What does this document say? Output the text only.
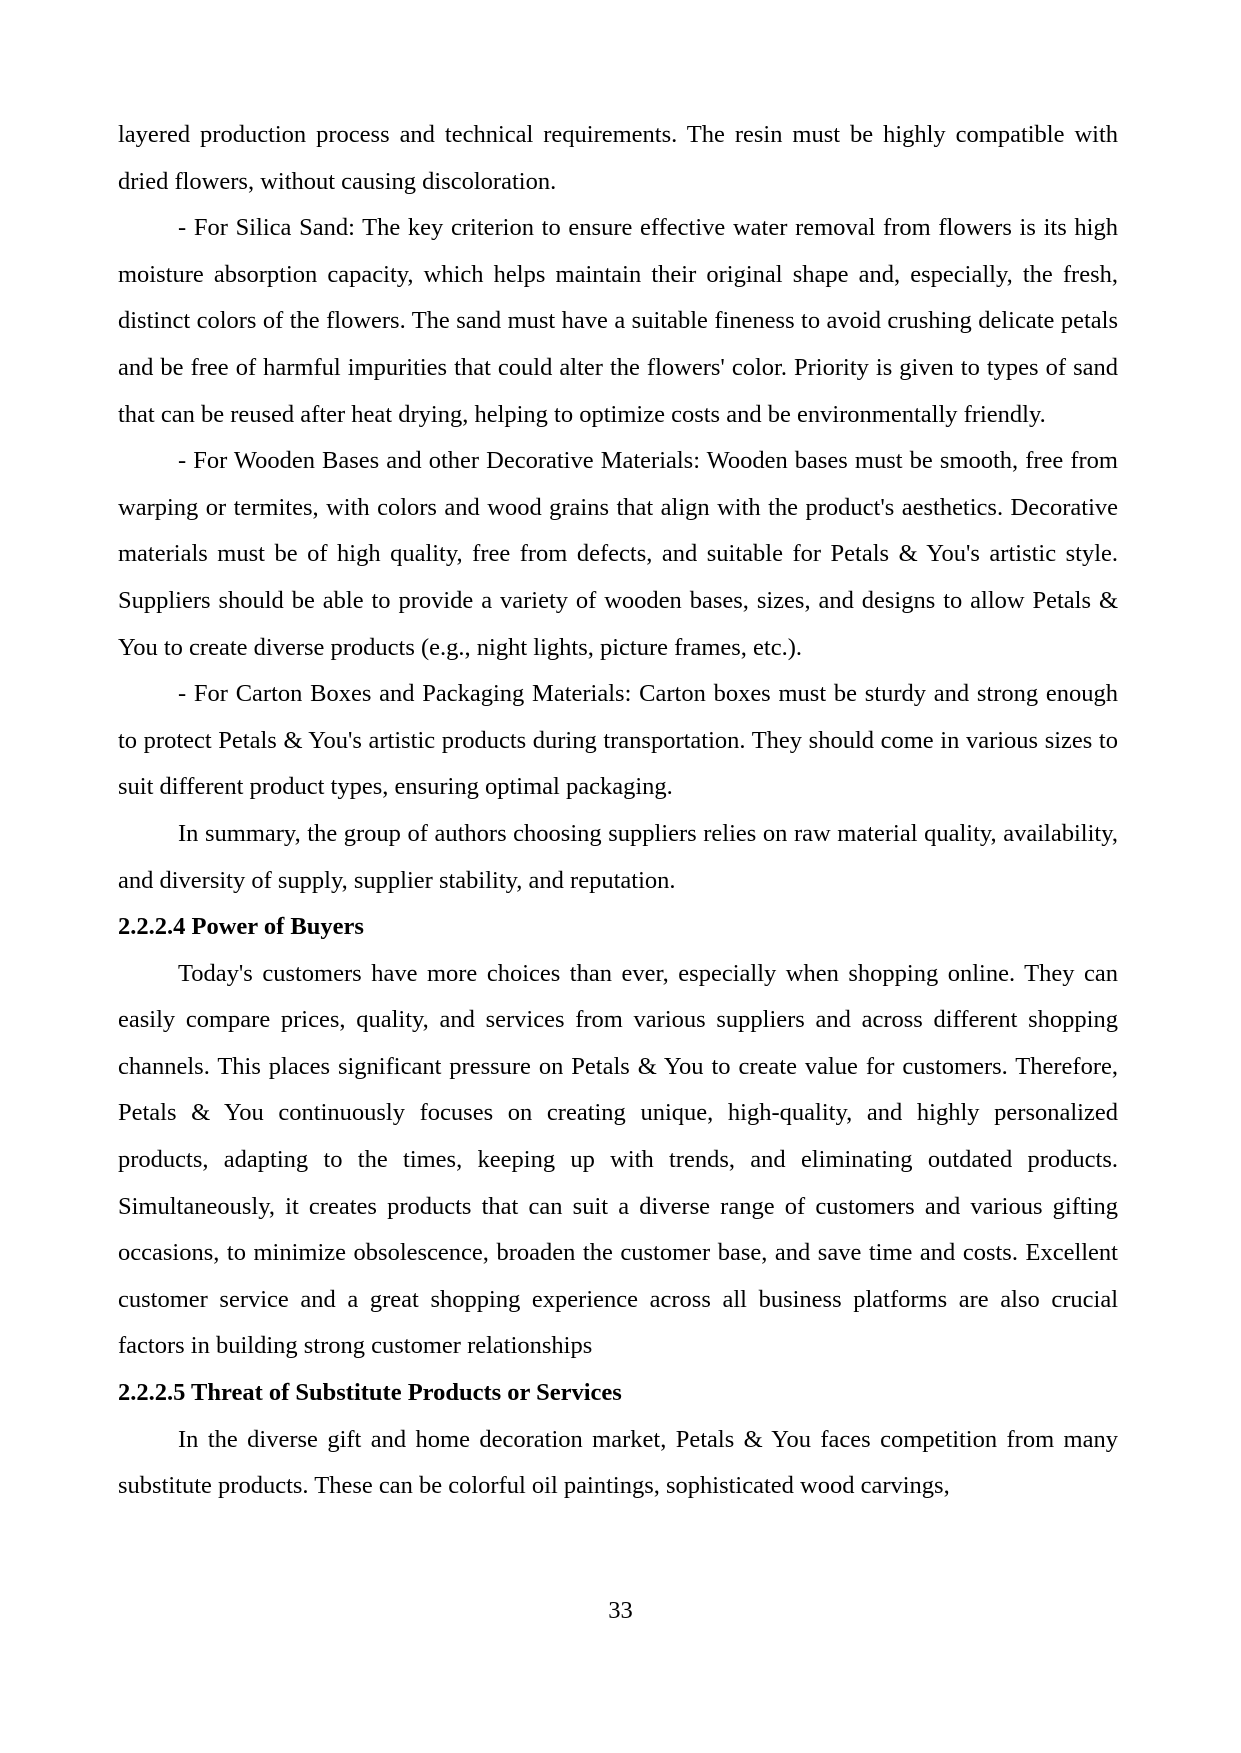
layered production process and technical requirements. The resin must be highly compatible with dried flowers, without causing discoloration.

- For Silica Sand: The key criterion to ensure effective water removal from flowers is its high moisture absorption capacity, which helps maintain their original shape and, especially, the fresh, distinct colors of the flowers. The sand must have a suitable fineness to avoid crushing delicate petals and be free of harmful impurities that could alter the flowers' color. Priority is given to types of sand that can be reused after heat drying, helping to optimize costs and be environmentally friendly.

- For Wooden Bases and other Decorative Materials: Wooden bases must be smooth, free from warping or termites, with colors and wood grains that align with the product's aesthetics. Decorative materials must be of high quality, free from defects, and suitable for Petals & You's artistic style. Suppliers should be able to provide a variety of wooden bases, sizes, and designs to allow Petals & You to create diverse products (e.g., night lights, picture frames, etc.).

- For Carton Boxes and Packaging Materials: Carton boxes must be sturdy and strong enough to protect Petals & You's artistic products during transportation. They should come in various sizes to suit different product types, ensuring optimal packaging.

In summary, the group of authors choosing suppliers relies on raw material quality, availability, and diversity of supply, supplier stability, and reputation.

2.2.2.4 Power of Buyers

Today's customers have more choices than ever, especially when shopping online. They can easily compare prices, quality, and services from various suppliers and across different shopping channels. This places significant pressure on Petals & You to create value for customers. Therefore, Petals & You continuously focuses on creating unique, high-quality, and highly personalized products, adapting to the times, keeping up with trends, and eliminating outdated products. Simultaneously, it creates products that can suit a diverse range of customers and various gifting occasions, to minimize obsolescence, broaden the customer base, and save time and costs. Excellent customer service and a great shopping experience across all business platforms are also crucial factors in building strong customer relationships

2.2.2.5 Threat of Substitute Products or Services

In the diverse gift and home decoration market, Petals & You faces competition from many substitute products. These can be colorful oil paintings, sophisticated wood carvings,

33
